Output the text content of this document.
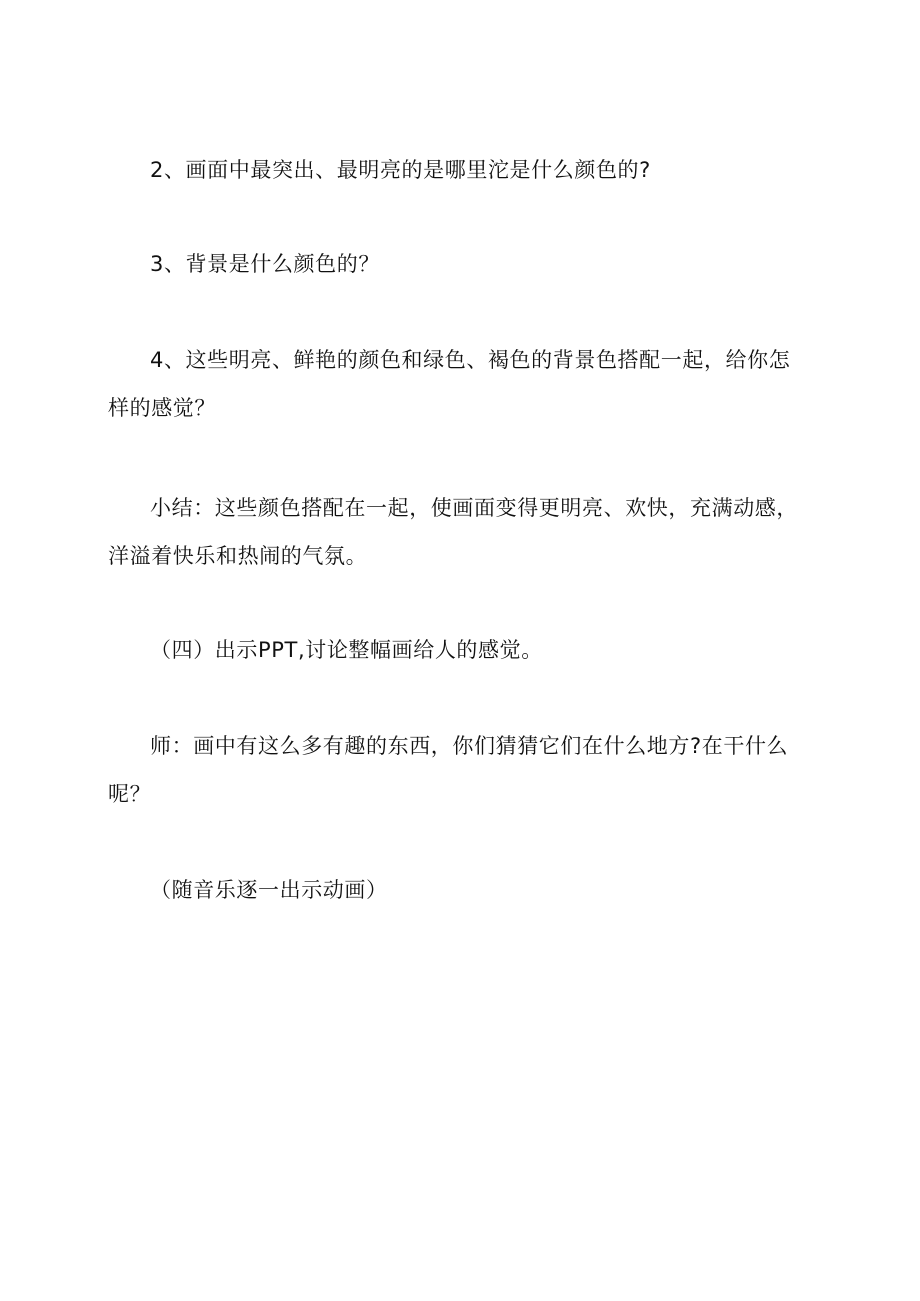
2、画面中最突出、最明亮的是哪里沱是什么颜色的?

3、背景是什么颜色的？

4、这些明亮、鲜艳的颜色和绿色、褐色的背景色搭配一起，给你怎
样的感觉？

小结：这些颜色搭配在一起，使画面变得更明亮、欢快，充满动感，
洋溢着快乐和热闹的气氛。

（四）出示PPT,讨论整幅画给人的感觉。

师：画中有这么多有趣的东西，你们猜猜它们在什么地方?在干什么
呢？

（随音乐逐一出示动画）
